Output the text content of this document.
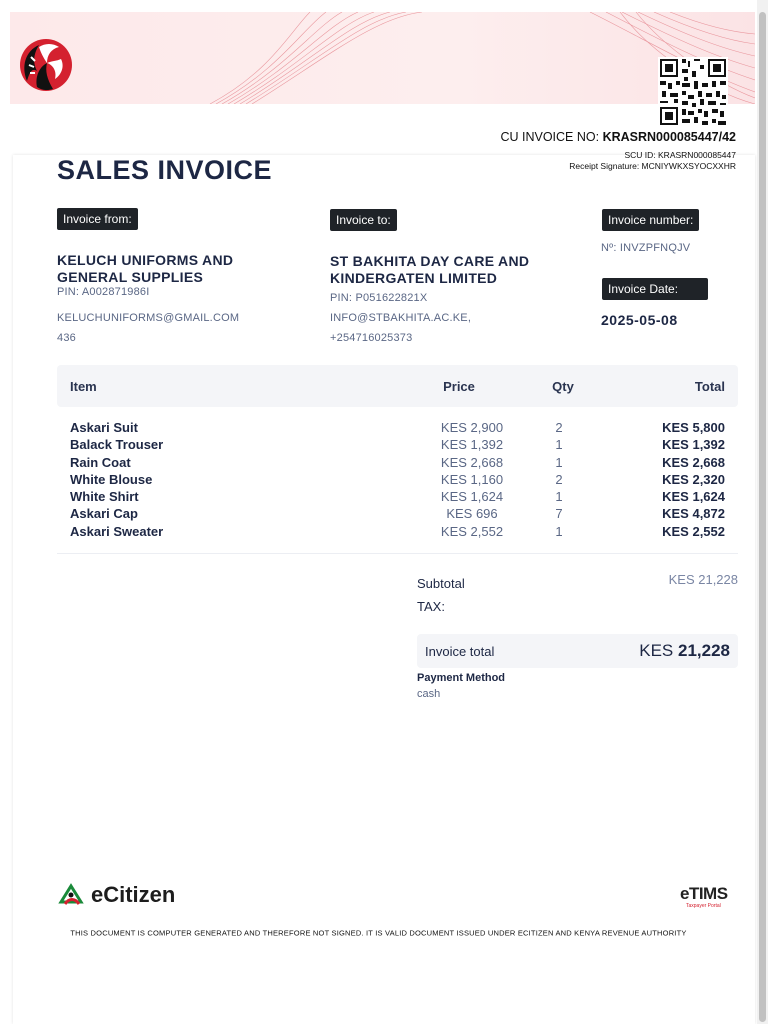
CU INVOICE NO: KRASRN000085447/42
SCU ID: KRASRN000085447
Receipt Signature: MCNIYWKXSYOCXXHR
SALES INVOICE
Invoice from:
KELUCH UNIFORMS AND
GENERAL SUPPLIES
PIN: A002871986I
KELUCHUNIFORMS@GMAIL.COM
436
Invoice to:
ST BAKHITA DAY CARE AND
KINDERGATEN LIMITED
PIN: P051622821X
INFO@STBAKHITA.AC.KE,
+254716025373
Invoice number:
Nº: INVZPFNQJV
Invoice Date:
2025-05-08
Item	Price	Qty	Total
Askari Suit	KES 2,900	2	KES 5,800
Balack Trouser	KES 1,392	1	KES 1,392
Rain Coat	KES 2,668	1	KES 2,668
White Blouse	KES 1,160	2	KES 2,320
White Shirt	KES 1,624	1	KES 1,624
Askari Cap	KES 696	7	KES 4,872
Askari Sweater	KES 2,552	1	KES 2,552
Subtotal	KES 21,228
TAX:
Invoice total	KES 21,228
Payment Method
cash
eCitizen	eTIMS
Taxpayer Portal
THIS DOCUMENT IS COMPUTER GENERATED AND THEREFORE NOT SIGNED. IT IS VALID DOCUMENT ISSUED UNDER ECITIZEN AND KENYA REVENUE AUTHORITY
